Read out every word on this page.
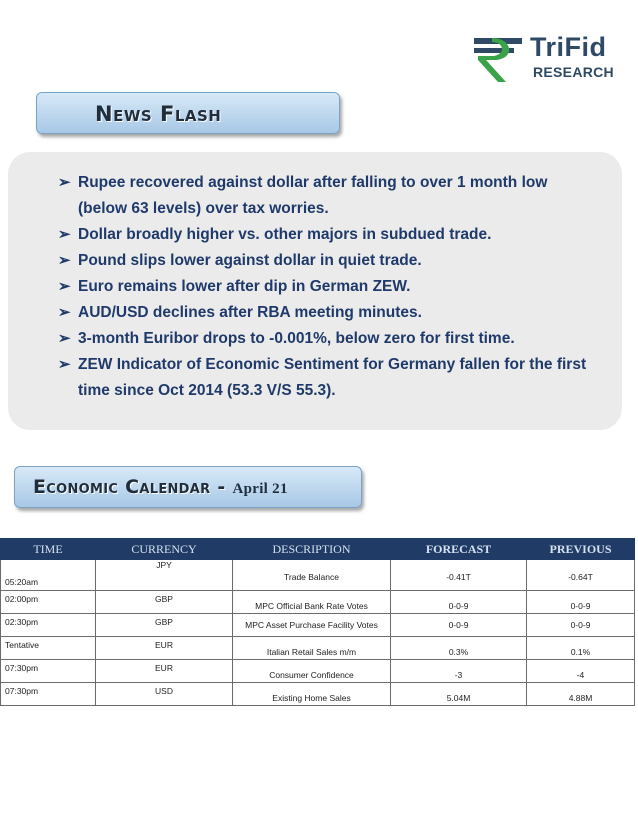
TriFid
RESEARCH
News Flash
➢ Rupee recovered against dollar after falling to over 1 month low (below 63 levels) over tax worries.
➢ Dollar broadly higher vs. other majors in subdued trade.
➢ Pound slips lower against dollar in quiet trade.
➢ Euro remains lower after dip in German ZEW.
➢ AUD/USD declines after RBA meeting minutes.
➢ 3-month Euribor drops to -0.001%, below zero for first time.
➢ ZEW Indicator of Economic Sentiment for Germany fallen for the first time since Oct 2014 (53.3 V/S 55.3).
Economic Calendar - April 21
TIME	CURRENCY	DESCRIPTION	FORECAST	PREVIOUS
05:20am	JPY	Trade Balance	-0.41T	-0.64T
02:00pm	GBP	MPC Official Bank Rate Votes	0-0-9	0-0-9
02:30pm	GBP	MPC Asset Purchase Facility Votes	0-0-9	0-0-9
Tentative	EUR	Italian Retail Sales m/m	0.3%	0.1%
07:30pm	EUR	Consumer Confidence	-3	-4
07:30pm	USD	Existing Home Sales	5.04M	4.88M
